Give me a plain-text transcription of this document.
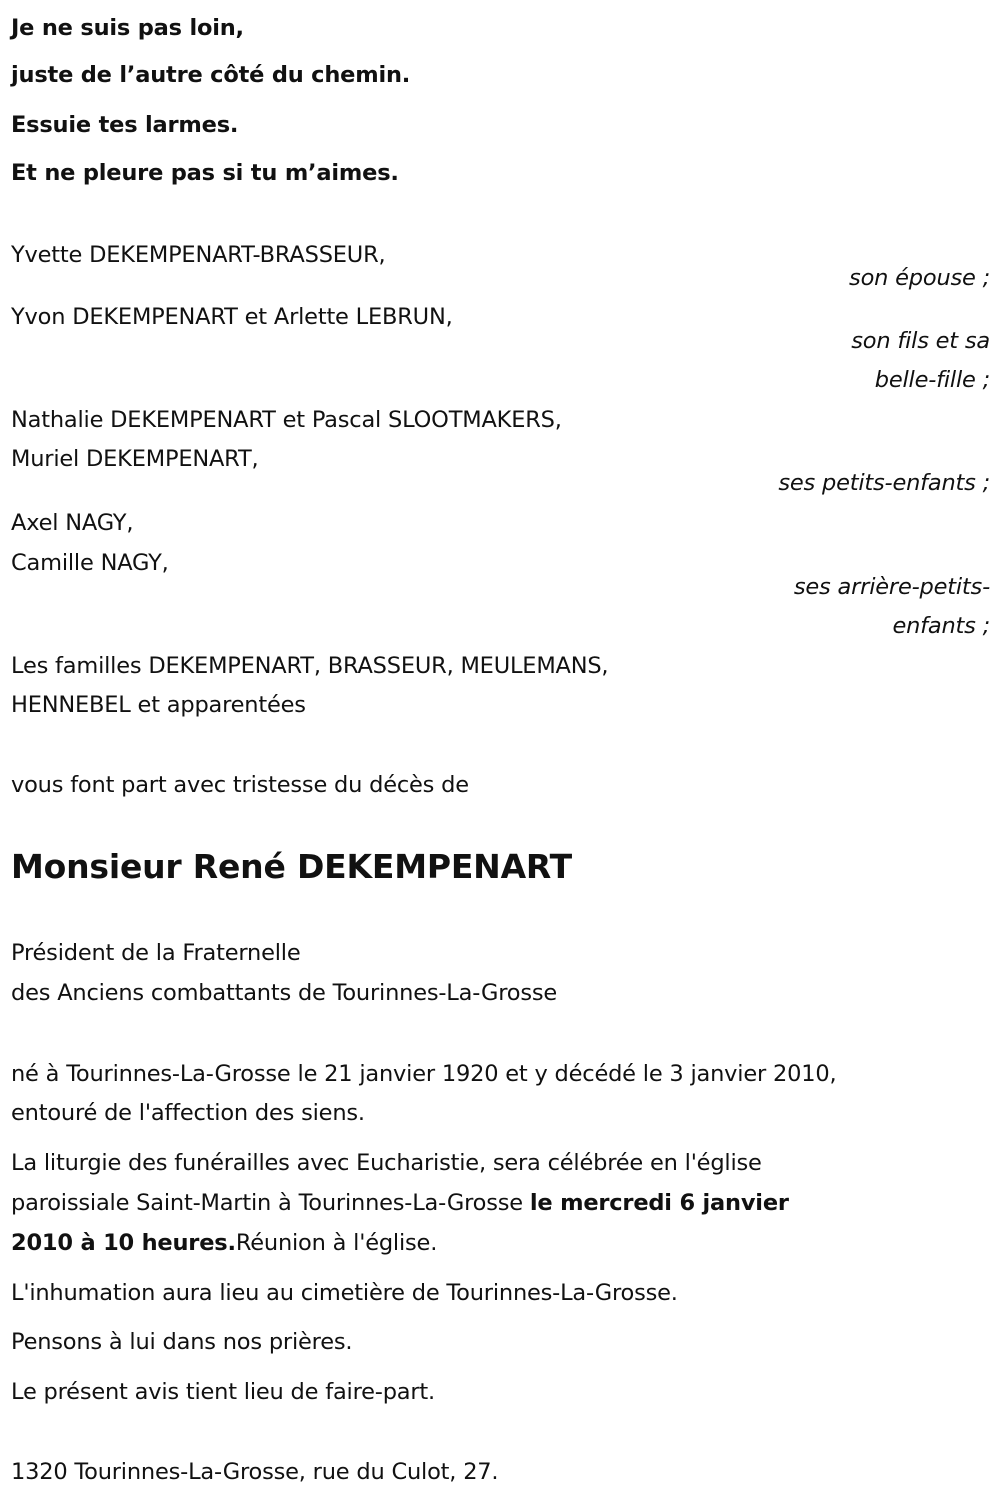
Je ne suis pas loin,
juste de l’autre côté du chemin.
Essuie tes larmes.
Et ne pleure pas si tu m’aimes.
Yvette DEKEMPENART-BRASSEUR,
son épouse ;
Yvon DEKEMPENART et Arlette LEBRUN,
son fils et sa
belle-fille ;
Nathalie DEKEMPENART et Pascal SLOOTMAKERS,
Muriel DEKEMPENART,
ses petits-enfants ;
Axel NAGY,
Camille NAGY,
ses arrière-petits-
enfants ;
Les familles DEKEMPENART, BRASSEUR, MEULEMANS,
HENNEBEL et apparentées
vous font part avec tristesse du décès de
Monsieur René DEKEMPENART
Président de la Fraternelle
des Anciens combattants de Tourinnes-La-Grosse
né à Tourinnes-La-Grosse le 21 janvier 1920 et y décédé le 3 janvier 2010,
entouré de l'affection des siens.
La liturgie des funérailles avec Eucharistie, sera célébrée en l'église
paroissiale Saint-Martin à Tourinnes-La-Grosse le mercredi 6 janvier
2010 à 10 heures.Réunion à l'église.
L'inhumation aura lieu au cimetière de Tourinnes-La-Grosse.
Pensons à lui dans nos prières.
Le présent avis tient lieu de faire-part.
1320 Tourinnes-La-Grosse, rue du Culot, 27.
